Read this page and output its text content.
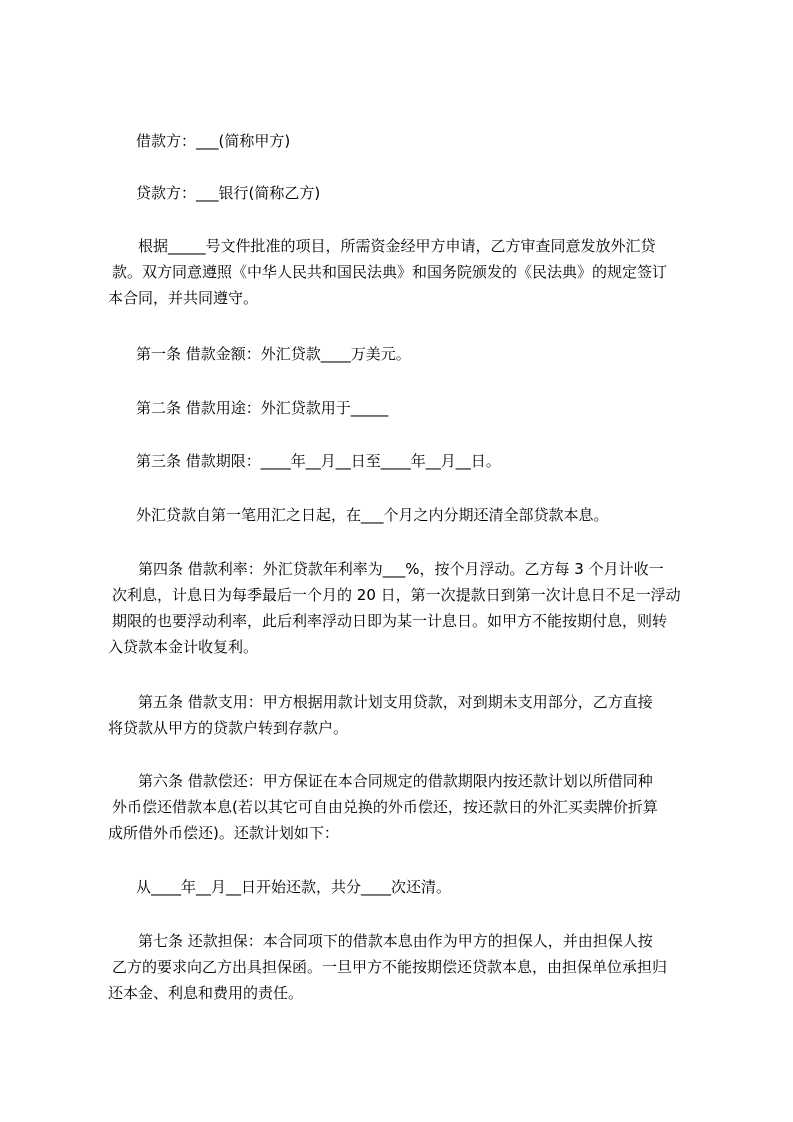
借款方：___(简称甲方)

贷款方：___银行(简称乙方)

根据_____号文件批准的项目，所需资金经甲方申请，乙方审查同意发放外汇贷
款。双方同意遵照《中华人民共和国民法典》和国务院颁发的《民法典》的规定签订
本合同，并共同遵守。

第一条 借款金额：外汇贷款____万美元。

第二条 借款用途：外汇贷款用于_____

第三条 借款期限：____年__月__日至____年__月__日。

外汇贷款自第一笔用汇之日起，在___个月之内分期还清全部贷款本息。

第四条 借款利率：外汇贷款年利率为___%，按个月浮动。乙方每 3 个月计收一
次利息，计息日为每季最后一个月的 20 日，第一次提款日到第一次计息日不足一浮动
期限的也要浮动利率，此后利率浮动日即为某一计息日。如甲方不能按期付息，则转
入贷款本金计收复利。

第五条 借款支用：甲方根据用款计划支用贷款，对到期未支用部分，乙方直接
将贷款从甲方的贷款户转到存款户。

第六条 借款偿还：甲方保证在本合同规定的借款期限内按还款计划以所借同种
外币偿还借款本息(若以其它可自由兑换的外币偿还，按还款日的外汇买卖牌价折算
成所借外币偿还)。还款计划如下：

从____年__月__日开始还款，共分____次还清。

第七条 还款担保：本合同项下的借款本息由作为甲方的担保人，并由担保人按
乙方的要求向乙方出具担保函。一旦甲方不能按期偿还贷款本息，由担保单位承担归
还本金、利息和费用的责任。
